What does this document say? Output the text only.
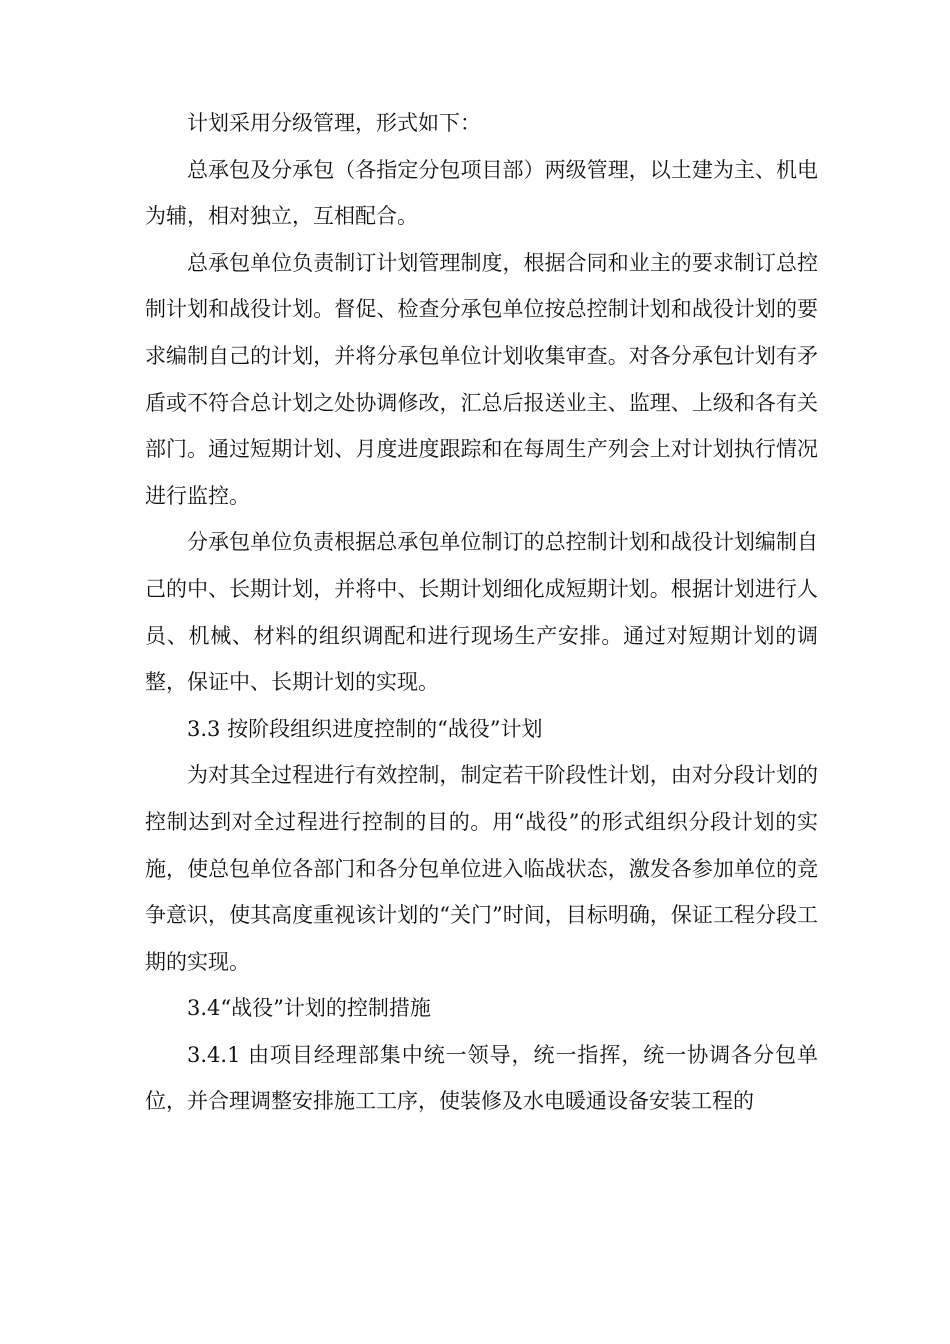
计划采用分级管理，形式如下：

总承包及分承包（各指定分包项目部）两级管理，以土建为主、机电为辅，相对独立，互相配合。

总承包单位负责制订计划管理制度，根据合同和业主的要求制订总控制计划和战役计划。督促、检查分承包单位按总控制计划和战役计划的要求编制自己的计划，并将分承包单位计划收集审查。对各分承包计划有矛盾或不符合总计划之处协调修改，汇总后报送业主、监理、上级和各有关部门。通过短期计划、月度进度跟踪和在每周生产列会上对计划执行情况进行监控。

分承包单位负责根据总承包单位制订的总控制计划和战役计划编制自己的中、长期计划，并将中、长期计划细化成短期计划。根据计划进行人员、机械、材料的组织调配和进行现场生产安排。通过对短期计划的调整，保证中、长期计划的实现。

3.3 按阶段组织进度控制的“战役”计划

为对其全过程进行有效控制，制定若干阶段性计划，由对分段计划的控制达到对全过程进行控制的目的。用“战役”的形式组织分段计划的实施，使总包单位各部门和各分包单位进入临战状态，激发各参加单位的竞争意识，使其高度重视该计划的“关门”时间，目标明确，保证工程分段工期的实现。

3.4“战役”计划的控制措施

3.4.1 由项目经理部集中统一领导，统一指挥，统一协调各分包单位，并合理调整安排施工工序，使装修及水电暖通设备安装工程的
